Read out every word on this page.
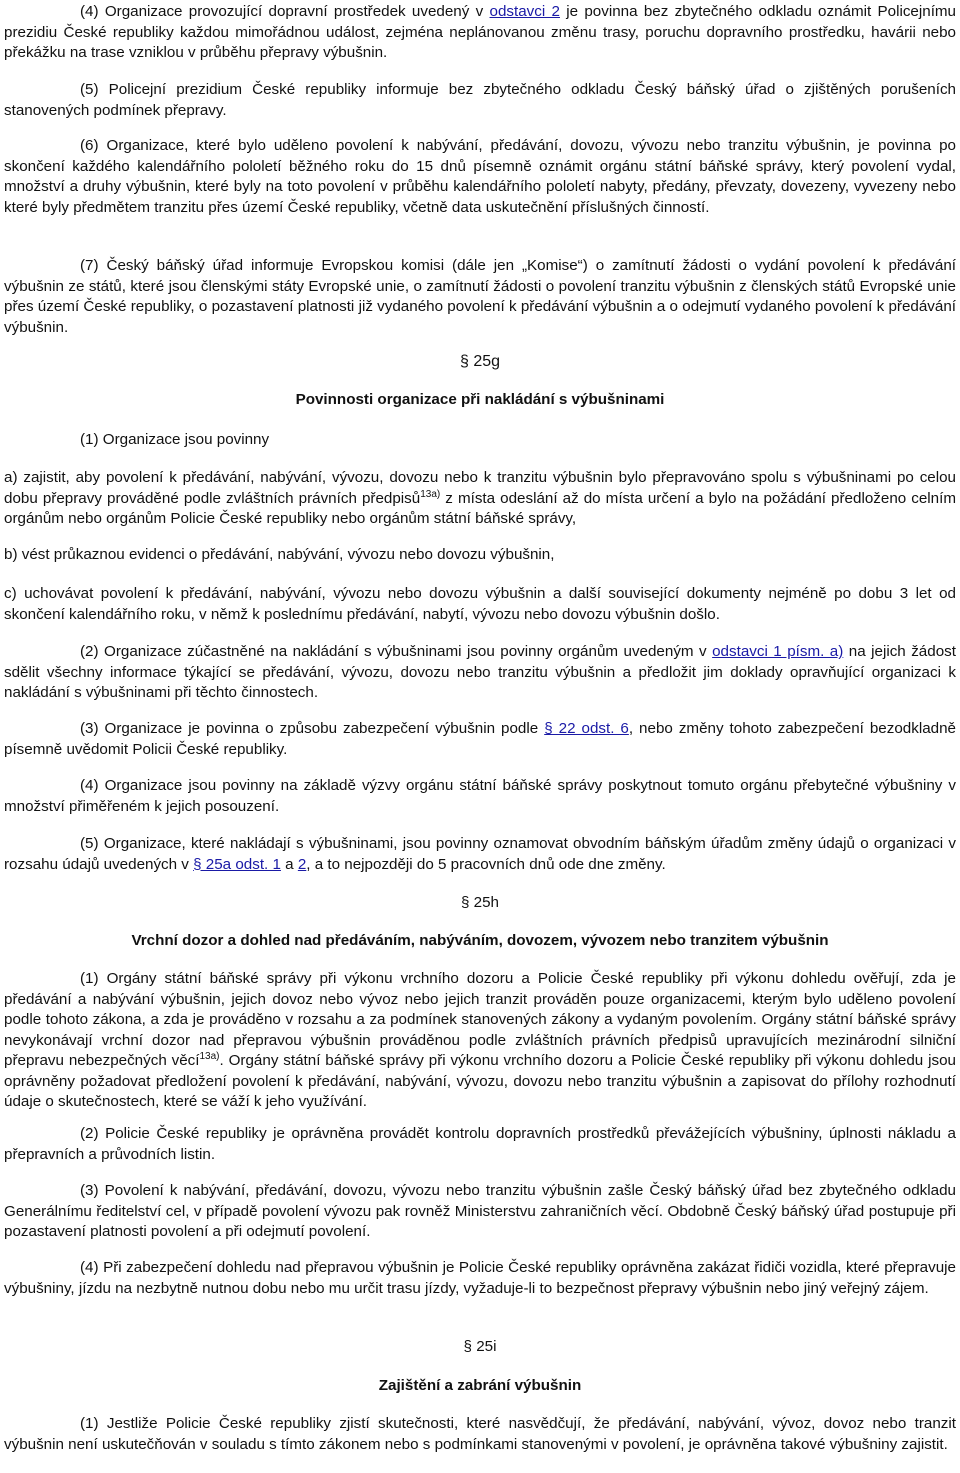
(4) Organizace provozující dopravní prostředek uvedený v odstavci 2 je povinna bez zbytečného odkladu oznámit Policejnímu prezidiu České republiky každou mimořádnou událost, zejména neplánovanou změnu trasy, poruchu dopravního prostředku, havárii nebo překážku na trase vzniklou v průběhu přepravy výbušnin.

(5) Policejní prezidium České republiky informuje bez zbytečného odkladu Český báňský úřad o zjištěných porušeních stanovených podmínek přepravy.

(6) Organizace, které bylo uděleno povolení k nabývání, předávání, dovozu, vývozu nebo tranzitu výbušnin, je povinna po skončení každého kalendářního pololetí běžného roku do 15 dnů písemně oznámit orgánu státní báňské správy, který povolení vydal, množství a druhy výbušnin, které byly na toto povolení v průběhu kalendářního pololetí nabyty, předány, převzaty, dovezeny, vyvezeny nebo které byly předmětem tranzitu přes území České republiky, včetně data uskutečnění příslušných činností.

(7) Český báňský úřad informuje Evropskou komisi (dále jen „Komise“) o zamítnutí žádosti o vydání povolení k předávání výbušnin ze států, které jsou členskými státy Evropské unie, o zamítnutí žádosti o povolení tranzitu výbušnin z členských států Evropské unie přes území České republiky, o pozastavení platnosti již vydaného povolení k předávání výbušnin a o odejmutí vydaného povolení k předávání výbušnin.

§ 25g

Povinnosti organizace při nakládání s výbušninami

(1) Organizace jsou povinny

a) zajistit, aby povolení k předávání, nabývání, vývozu, dovozu nebo k tranzitu výbušnin bylo přepravováno spolu s výbušninami po celou dobu přepravy prováděné podle zvláštních právních předpisů$^{13a)}$ z místa odeslání až do místa určení a bylo na požádání předloženo celním orgánům nebo orgánům Policie České republiky nebo orgánům státní báňské správy,

b) vést průkaznou evidenci o předávání, nabývání, vývozu nebo dovozu výbušnin,

c) uchovávat povolení k předávání, nabývání, vývozu nebo dovozu výbušnin a další související dokumenty nejméně po dobu 3 let od skončení kalendářního roku, v němž k poslednímu předávání, nabytí, vývozu nebo dovozu výbušnin došlo.

(2) Organizace zúčastněné na nakládání s výbušninami jsou povinny orgánům uvedeným v odstavci 1 písm. a) na jejich žádost sdělit všechny informace týkající se předávání, vývozu, dovozu nebo tranzitu výbušnin a předložit jim doklady opravňující organizaci k nakládání s výbušninami při těchto činnostech.

(3) Organizace je povinna o způsobu zabezpečení výbušnin podle § 22 odst. 6, nebo změny tohoto zabezpečení bezodkladně písemně uvědomit Policii České republiky.

(4) Organizace jsou povinny na základě výzvy orgánu státní báňské správy poskytnout tomuto orgánu přebytečné výbušniny v množství přiměřeném k jejich posouzení.

(5) Organizace, které nakládají s výbušninami, jsou povinny oznamovat obvodním báňským úřadům změny údajů o organizaci v rozsahu údajů uvedených v § 25a odst. 1 a 2, a to nejpozději do 5 pracovních dnů ode dne změny.

§ 25h

Vrchní dozor a dohled nad předáváním, nabýváním, dovozem, vývozem nebo tranzitem výbušnin

(1) Orgány státní báňské správy při výkonu vrchního dozoru a Policie České republiky při výkonu dohledu ověřují, zda je předávání a nabývání výbušnin, jejich dovoz nebo vývoz nebo jejich tranzit prováděn pouze organizacemi, kterým bylo uděleno povolení podle tohoto zákona, a zda je prováděno v rozsahu a za podmínek stanovených zákony a vydaným povolením. Orgány státní báňské správy nevykonávají vrchní dozor nad přepravou výbušnin prováděnou podle zvláštních právních předpisů upravujících mezinárodní silniční přepravu nebezpečných věcí$^{13a)}$. Orgány státní báňské správy při výkonu vrchního dozoru a Policie České republiky při výkonu dohledu jsou oprávněny požadovat předložení povolení k předávání, nabývání, vývozu, dovozu nebo tranzitu výbušnin a zapisovat do přílohy rozhodnutí údaje o skutečnostech, které se váží k jeho využívání.

(2) Policie České republiky je oprávněna provádět kontrolu dopravních prostředků převážejících výbušniny, úplnosti nákladu a přepravních a průvodních listin.

(3) Povolení k nabývání, předávání, dovozu, vývozu nebo tranzitu výbušnin zašle Český báňský úřad bez zbytečného odkladu Generálnímu ředitelství cel, v případě povolení vývozu pak rovněž Ministerstvu zahraničních věcí. Obdobně Český báňský úřad postupuje při pozastavení platnosti povolení a při odejmutí povolení.

(4) Při zabezpečení dohledu nad přepravou výbušnin je Policie České republiky oprávněna zakázat řidiči vozidla, které přepravuje výbušniny, jízdu na nezbytně nutnou dobu nebo mu určit trasu jízdy, vyžaduje-li to bezpečnost přepravy výbušnin nebo jiný veřejný zájem.

§ 25i

Zajištění a zabrání výbušnin

(1) Jestliže Policie České republiky zjistí skutečnosti, které nasvědčují, že předávání, nabývání, vývoz, dovoz nebo tranzit výbušnin není uskutečňován v souladu s tímto zákonem nebo s podmínkami stanovenými v povolení, je oprávněna takové výbušniny zajistit.
